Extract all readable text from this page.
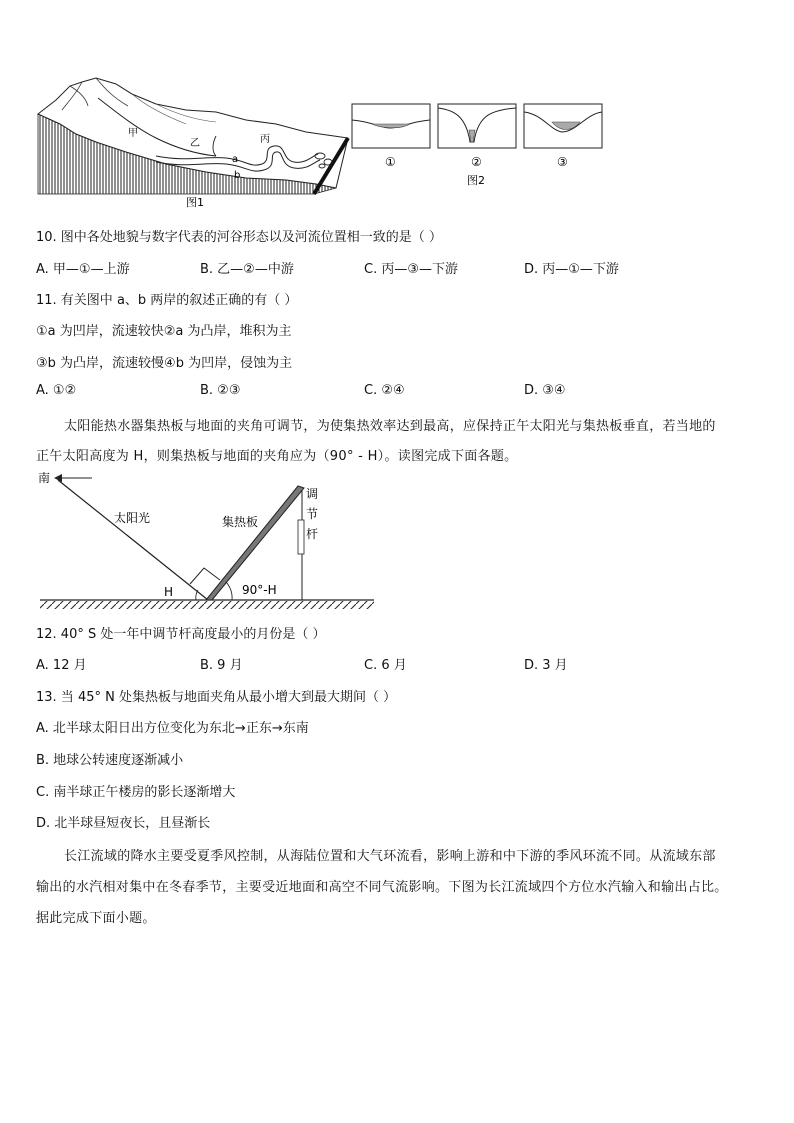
甲
乙	丙
a
b
图1
①	②	③
图2
10. 图中各处地貌与数字代表的河谷形态以及河流位置相一致的是（ ）
A. 甲—①—上游	B. 乙—②—中游	C. 丙—③—下游	D. 丙—①—下游
11. 有关图中 a、b 两岸的叙述正确的有（ ）
①a 为凹岸，流速较快②a 为凸岸，堆积为主
③b 为凸岸，流速较慢④b 为凹岸，侵蚀为主
A. ①②	B. ②③	C. ②④	D. ③④
太阳能热水器集热板与地面的夹角可调节，为使集热效率达到最高，应保持正午太阳光与集热板垂直，若当地的
正午太阳高度为 H，则集热板与地面的夹角应为（90° - H）。读图完成下面各题。
南
太阳光	集热板
调
节
杆
H	90°-H
12. 40° S 处一年中调节杆高度最小的月份是（ ）
A. 12 月	B. 9 月	C. 6 月	D. 3 月
13. 当 45° N 处集热板与地面夹角从最小增大到最大期间（ ）
A. 北半球太阳日出方位变化为东北→正东→东南
B. 地球公转速度逐渐减小
C. 南半球正午楼房的影长逐渐增大
D. 北半球昼短夜长，且昼渐长
长江流域的降水主要受夏季风控制，从海陆位置和大气环流看，影响上游和中下游的季风环流不同。从流域东部
输出的水汽相对集中在冬春季节，主要受近地面和高空不同气流影响。下图为长江流域四个方位水汽输入和输出占比。
据此完成下面小题。
